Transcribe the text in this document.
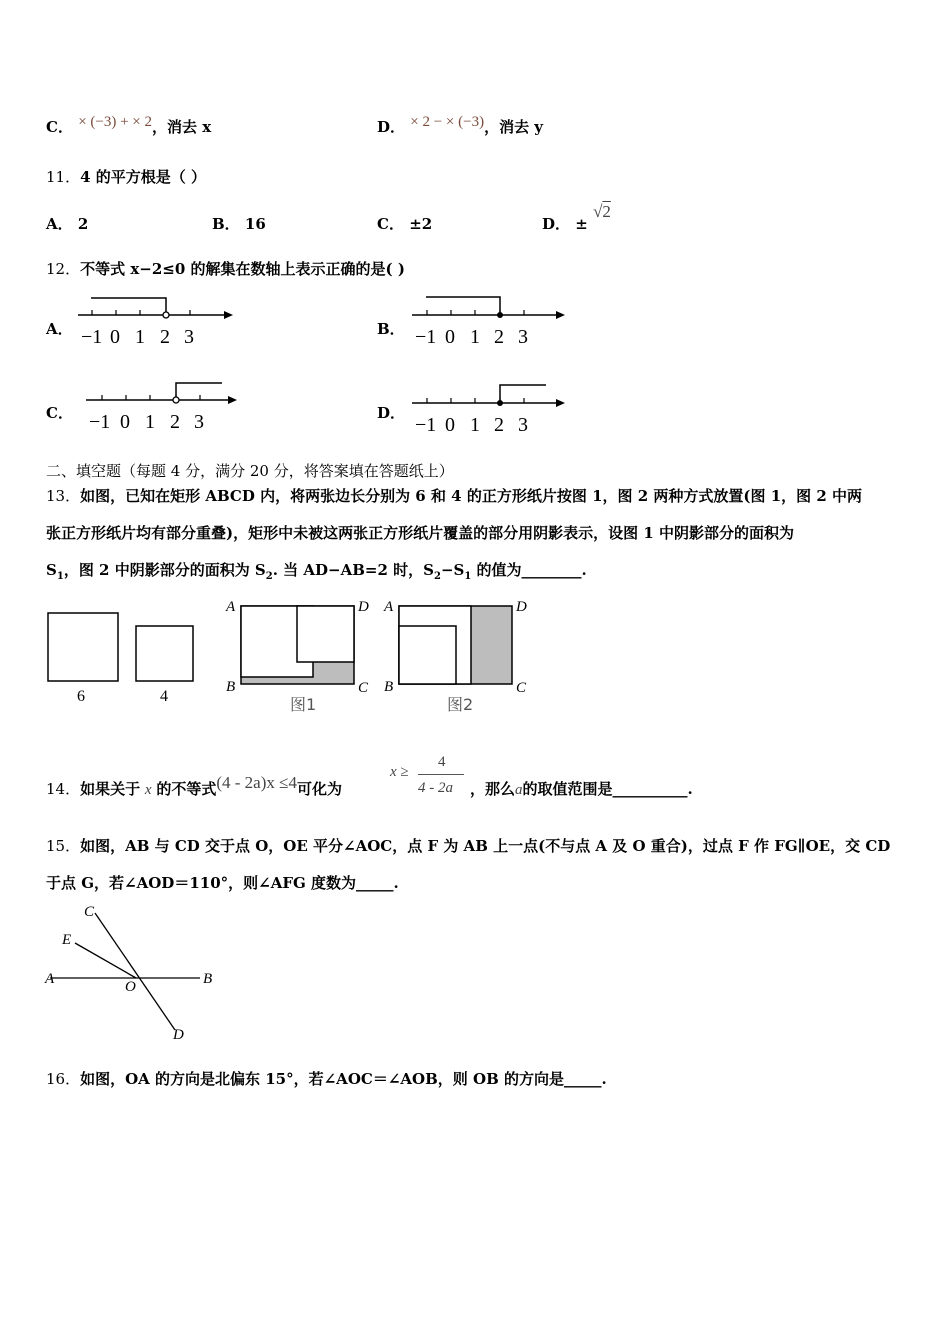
C． × (−3) + × 2，消去 x	D． × 2 − × (−3)，消去 y
11．4 的平方根是（ ）
A． 2	B． 16	C． ±2	D． ± √2
12．不等式 x−2≤0 的解集在数轴上表示正确的是( )
A．	B．
C．	D．
−1 0 1 2 3	−1 0 1 2 3
−1 0 1 2 3	−1 0 1 2 3
二、填空题（每题 4 分，满分 20 分，将答案填在答题纸上）
13．如图，已知在矩形 ABCD 内，将两张边长分别为 6 和 4 的正方形纸片按图 1，图 2 两种方式放置(图 1，图 2 中两
张正方形纸片均有部分重叠)，矩形中未被这两张正方形纸片覆盖的部分用阴影表示，设图 1 中阴影部分的面积为
$S_1$，图 2 中阴影部分的面积为 $S_2$. 当 AD−AB=2 时，$S_2-S_1$ 的值为________.
6	4
A	D
B	C
图1
A	D
B	C
图2
14．如果关于 x 的不等式(4 - 2a)x ≤4可化为
x ≥
4
4 - 2a ，那么a的取值范围是__________.
15．如图，AB 与 CD 交于点 O，OE 平分∠AOC，点 F 为 AB 上一点(不与点 A 及 O 重合)，过点 F 作 FG∥OE，交 CD
于点 G，若∠AOD＝110°，则∠AFG 度数为_____.
C
E
A	O	B
D
16．如图，OA 的方向是北偏东 15°，若∠AOC＝∠AOB，则 OB 的方向是_____.
